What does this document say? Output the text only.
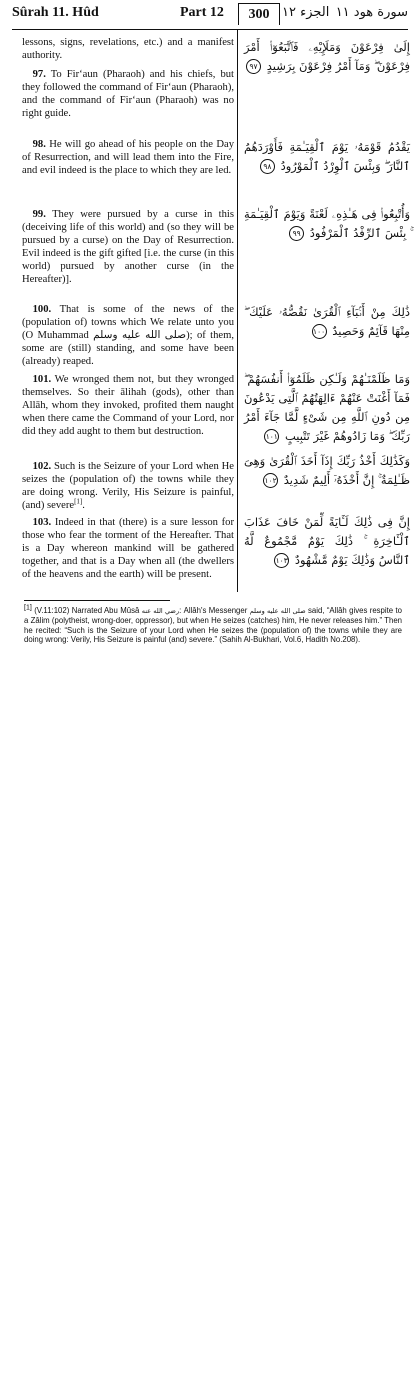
Sûrah 11. Hûd	Part 12	300 الجزء ١٢ سورة هود ١١
lessons, signs, revelations, etc.) and a manifest authority.
 97. To Fir‘aun (Pharaoh) and his chiefs, but they followed the command of Fir‘aun (Pharaoh), and the command of Fir‘aun (Pharaoh) was no right guide.
 98. He will go ahead of his people on the Day of Resurrection, and will lead them into the Fire, and evil indeed is the place to which they are led.
 99. They were pursued by a curse in this (deceiving life of this world) and (so they will be pursued by a curse) on the Day of Resurrection. Evil indeed is the gift gifted [i.e. the curse (in this world) pursued by another curse (in the Hereafter)].
 100. That is some of the news of the (population of) towns which We relate unto you (O Muhammad صلى الله عليه وسلم); of them, some are (still) standing, and some have been (already) reaped.
 101. We wronged them not, but they wronged themselves. So their ālihah (gods), other than Allāh, whom they invoked, profited them naught when there came the Command of your Lord, nor did they add aught to them but destruction.
 102. Such is the Seizure of your Lord when He seizes the (population of) the towns while they are doing wrong. Verily, His Seizure is painful, (and) severe[1].
 103. Indeed in that (there) is a sure lesson for those who fear the torment of the Hereafter. That is a Day whereon mankind will be gathered together, and that is a Day when all (the dwellers of the heavens and the earth) will be present.
إِلَىٰ فِرْعَوْنَ وَمَلَإِيْهِۦ فَٱتَّبَعُوٓا۟ أَمْرَ فِرْعَوْنَ ۖ وَمَآ أَمْرُ فِرْعَوْنَ بِرَشِيدٍ ٩٧
يَقْدُمُ قَوْمَهُۥ يَوْمَ ٱلْقِيَـٰمَةِ فَأَوْرَدَهُمُ ٱلنَّارَ ۖ وَبِئْسَ ٱلْوِرْدُ ٱلْمَوْرُودُ ٩٨
وَأُتْبِعُوا۟ فِى هَـٰذِهِۦ لَعْنَةً وَيَوْمَ ٱلْقِيَـٰمَةِ ۚ بِئْسَ ٱلرِّفْدُ ٱلْمَرْفُودُ ٩٩
ذَٰلِكَ مِنْ أَنۢبَآءِ ٱلْقُرَىٰ نَقُصُّهُۥ عَلَيْكَ ۖ مِنْهَا قَآئِمٌ وَحَصِيدٌ ١٠٠
وَمَا ظَلَمْنَـٰهُمْ وَلَـٰكِن ظَلَمُوٓا۟ أَنفُسَهُمْ ۖ فَمَآ أَغْنَتْ عَنْهُمْ ءَالِهَتُهُمُ ٱلَّتِى يَدْعُونَ مِن دُونِ ٱللَّهِ مِن شَىْءٍ لَّمَّا جَآءَ أَمْرُ رَبِّكَ ۖ وَمَا زَادُوهُمْ غَيْرَ تَتْبِيبٍ ١٠١
وَكَذَٰلِكَ أَخْذُ رَبِّكَ إِذَآ أَخَذَ ٱلْقُرَىٰ وَهِىَ ظَـٰلِمَةٌ ۚ إِنَّ أَخْذَهُۥٓ أَلِيمٌ شَدِيدٌ ١٠٢
إِنَّ فِى ذَٰلِكَ لَـَٔايَةً لِّمَنْ خَافَ عَذَابَ ٱلْـَٔاخِرَةِ ۚ ذَٰلِكَ يَوْمٌ مَّجْمُوعٌ لَّهُ ٱلنَّاسُ وَذَٰلِكَ يَوْمٌ مَّشْهُودٌ ١٠٣
[1] (V.11:102) Narrated Abu Mûsâ رضي الله عنه: Allâh's Messenger صلى الله عليه وسلم said, “Allâh gives respite to a Zâlim (polytheist, wrong-doer, oppressor), but when He seizes (catches) him, He never releases him.” Then he recited: “Such is the Seizure of your Lord when He seizes the (population of) the towns while they are doing wrong: Verily, His Seizure is painful (and) severe.” (Sahih Al-Bukhari, Vol.6, Hadith No.208).
